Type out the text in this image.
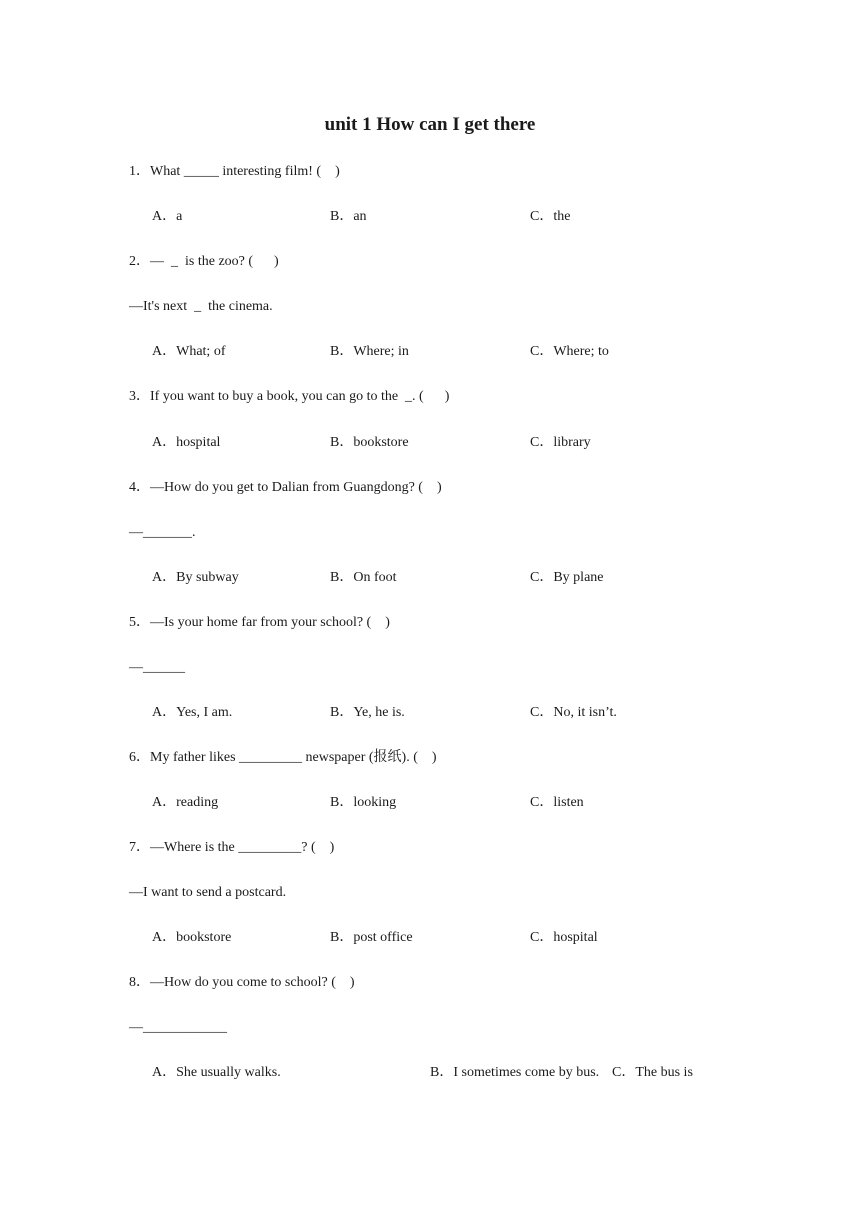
unit 1 How can I get there
1．What _____ interesting film! (　)
A．a	B．an	C．the
2．—  _  is the zoo? (　  )
—It's next  _  the cinema.
A．What; of	B．Where; in	C．Where; to
3．If you want to buy a book, you can go to the  _. (　  )
A．hospital	B．bookstore	C．library
4．—How do you get to Dalian from Guangdong? (　)
—_______.
A．By subway	B．On foot	C．By plane
5．—Is your home far from your school? (　)
—______
A．Yes, I am.	B．Ye, he is.	C．No, it isn’t.
6．My father likes _________ newspaper (报纸). (　)
A．reading	B．looking	C．listen
7．—Where is the _________? (　)
—I want to send a postcard.
A．bookstore	B．post office	C．hospital
8．—How do you come to school? (　)
—____________
A．She usually walks.	B．I sometimes come by bus. C．The bus is
